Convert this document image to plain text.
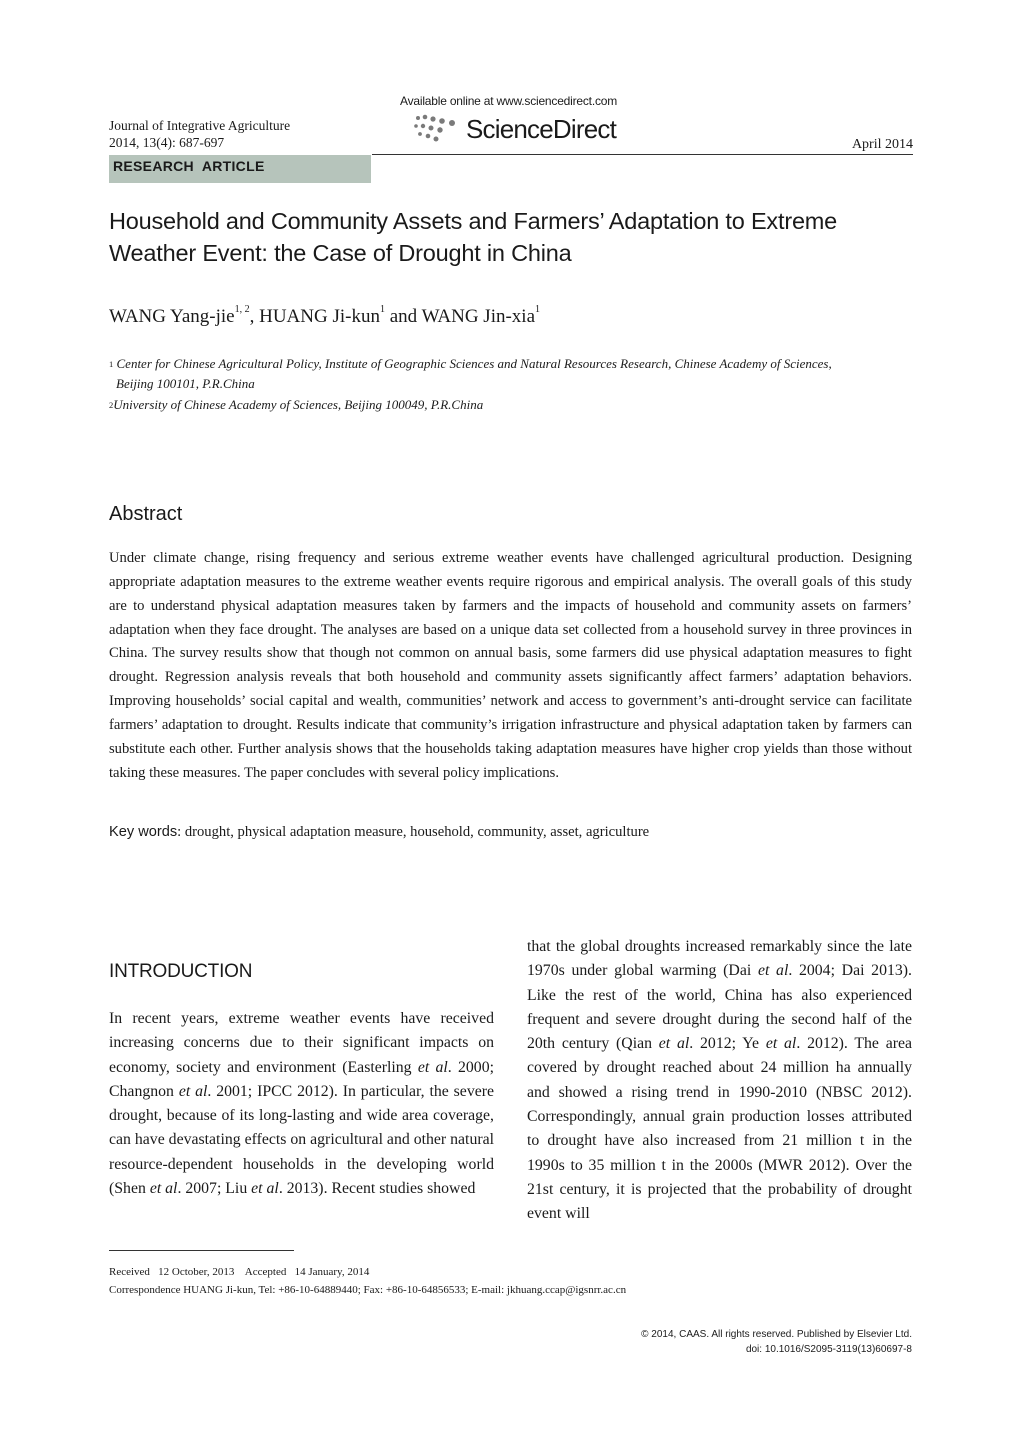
Journal of Integrative Agriculture
2014, 13(4): 687-697
Available online at www.sciencedirect.com
ScienceDirect
April 2014
RESEARCH  ARTICLE
Household and Community Assets and Farmers’ Adaptation to Extreme
Weather Event: the Case of Drought in China
WANG Yang-jie$^{1, 2}$, HUANG Ji-kun$^1$ and WANG Jin-xia$^1$
$^1$ Center for Chinese Agricultural Policy, Institute of Geographic Sciences and Natural Resources Research, Chinese Academy of Sciences,
Beijing 100101, P.R.China
$^2$University of Chinese Academy of Sciences, Beijing 100049, P.R.China
Abstract
Under climate change, rising frequency and serious extreme weather events have challenged agricultural production. Designing appropriate adaptation measures to the extreme weather events require rigorous and empirical analysis. The overall goals of this study are to understand physical adaptation measures taken by farmers and the impacts of household and community assets on farmers’ adaptation when they face drought. The analyses are based on a unique data set collected from a household survey in three provinces in China. The survey results show that though not common on annual basis, some farmers did use physical adaptation measures to fight drought. Regression analysis reveals that both household and community assets significantly affect farmers’ adaptation behaviors. Improving households’ social capital and wealth, communities’ network and access to government’s anti-drought service can facilitate farmers’ adaptation to drought. Results indicate that community’s irrigation infrastructure and physical adaptation taken by farmers can substitute each other. Further analysis shows that the households taking adaptation measures have higher crop yields than those without taking these measures. The paper concludes with several policy implications.
Key words: drought, physical adaptation measure, household, community, asset, agriculture
INTRODUCTION
In recent years, extreme weather events have received increasing concerns due to their significant impacts on economy, society and environment (Easterling et al. 2000; Changnon et al. 2001; IPCC 2012). In particular, the severe drought, because of its long-lasting and wide area coverage, can have devastating effects on agricultural and other natural resource-dependent households in the developing world (Shen et al. 2007; Liu et al. 2013). Recent studies showed
that the global droughts increased remarkably since the late 1970s under global warming (Dai et al. 2004; Dai 2013). Like the rest of the world, China has also experienced frequent and severe drought during the second half of the 20th century (Qian et al. 2012; Ye et al. 2012). The area covered by drought reached about 24 million ha annually and showed a rising trend in 1990-2010 (NBSC 2012). Correspondingly, annual grain production losses attributed to drought have also increased from 21 million t in the 1990s to 35 million t in the 2000s (MWR 2012). Over the 21st century, it is projected that the probability of drought event will
Received   12 October, 2013    Accepted   14 January, 2014
Correspondence HUANG Ji-kun, Tel: +86-10-64889440; Fax: +86-10-64856533; E-mail: jkhuang.ccap@igsnrr.ac.cn
© 2014, CAAS. All rights reserved. Published by Elsevier Ltd.
doi: 10.1016/S2095-3119(13)60697-8
